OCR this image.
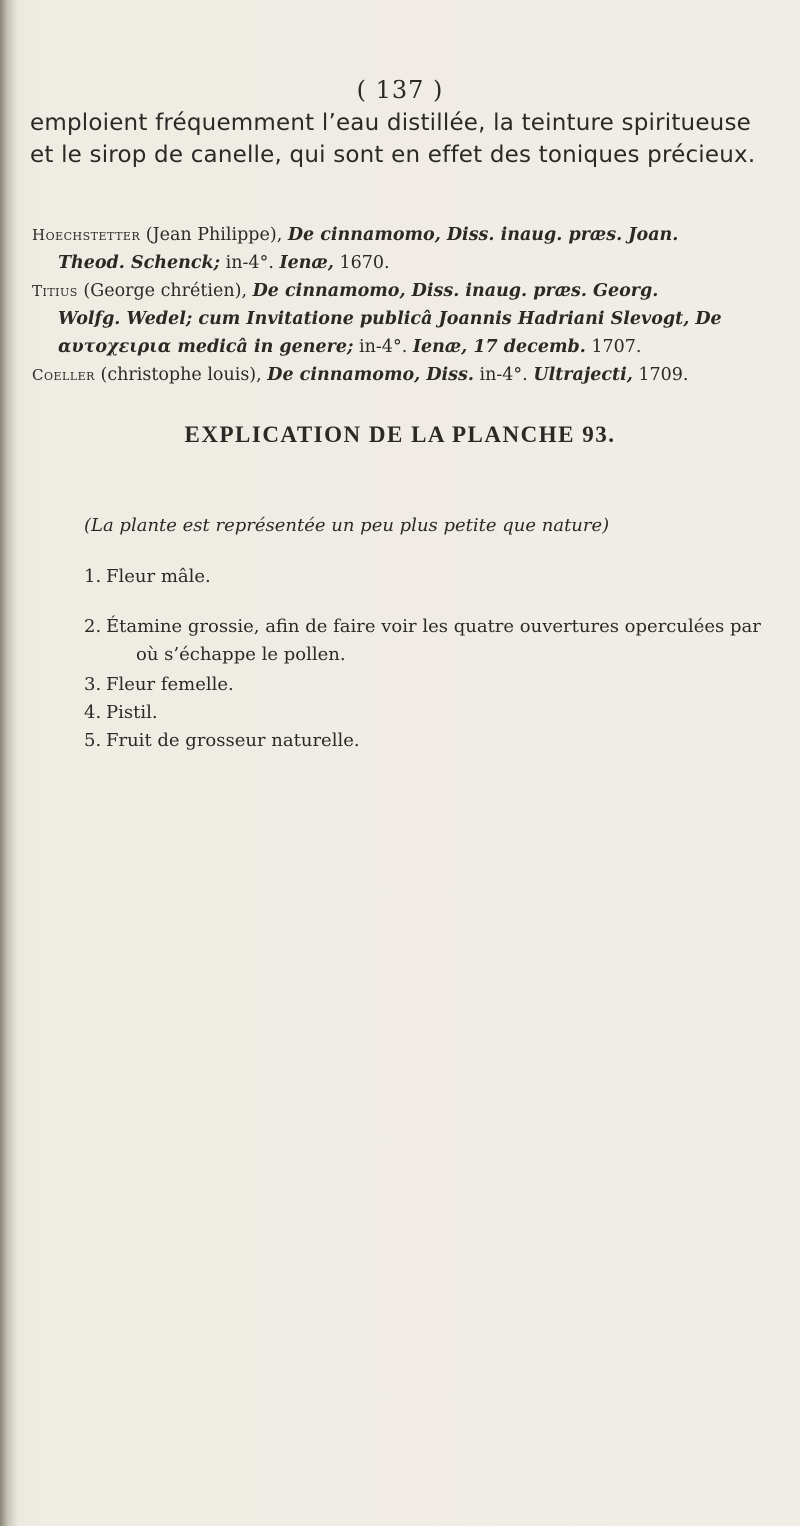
( 137 )
emploient fréquemment l’eau distillée, la teinture spiritueuse
et le sirop de canelle, qui sont en effet des toniques précieux.
Hoechstetter (Jean Philippe), De cinnamomo, Diss. inaug. præs. Joan.
Theod. Schenck; in-4°. Ienæ, 1670.
Titius (George chrétien), De cinnamomo, Diss. inaug. præs. Georg.
Wolfg. Wedel; cum Invitatione publicâ Joannis Hadriani Slevogt, De
αυτοχειρια medicâ in genere; in-4°. Ienæ, 17 decemb. 1707.
Coeller (christophe louis), De cinnamomo, Diss. in-4°. Ultrajecti, 1709.
EXPLICATION DE LA PLANCHE 93.
(La plante est représentée un peu plus petite que nature)
1. Fleur mâle.
2. Étamine grossie, afin de faire voir les quatre ouvertures operculées par
où s’échappe le pollen.
3. Fleur femelle.
4. Pistil.
5. Fruit de grosseur naturelle.
